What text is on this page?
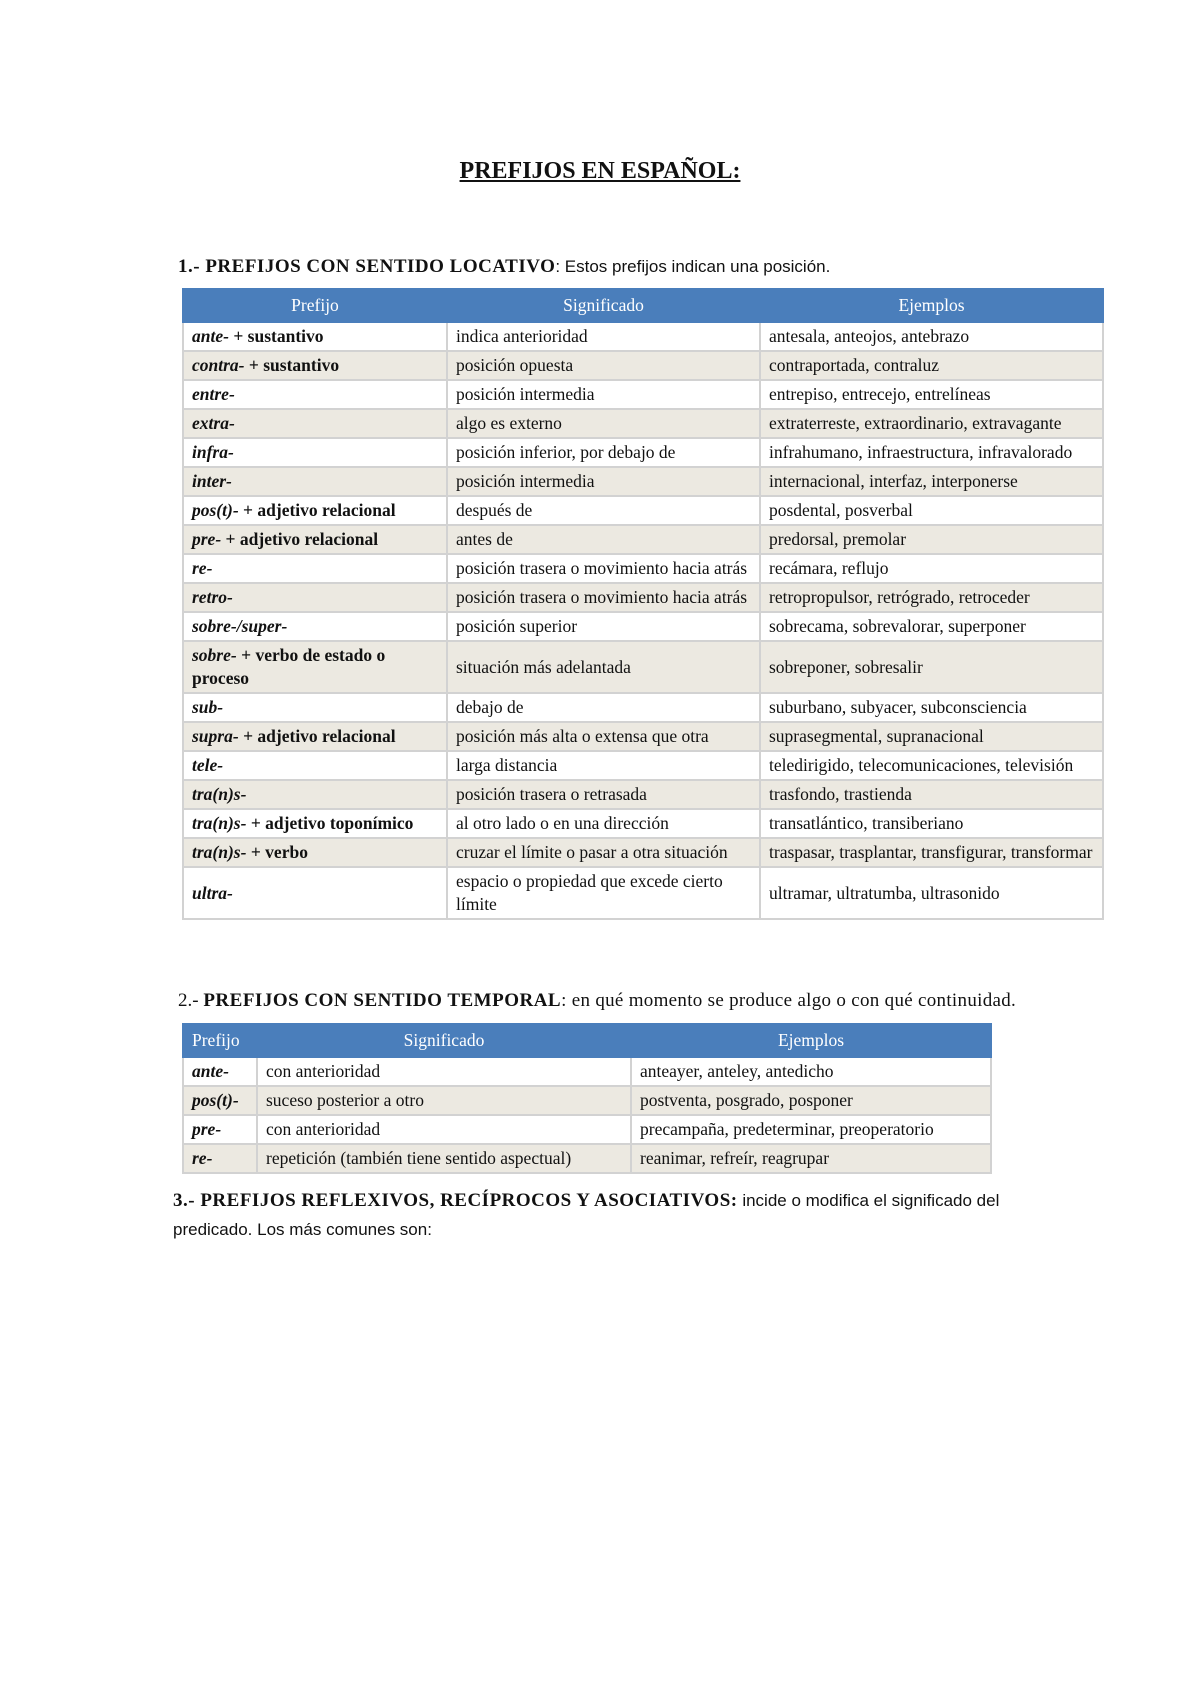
PREFIJOS EN ESPAÑOL:

1.- PREFIJOS CON SENTIDO LOCATIVO: Estos prefijos indican una posición.

Prefijo	Significado	Ejemplos
ante- + sustantivo	indica anterioridad	antesala, anteojos, antebrazo
contra- + sustantivo	posición opuesta	contraportada, contraluz
entre-	posición intermedia	entrepiso, entrecejo, entrelíneas
extra-	algo es externo	extraterreste, extraordinario, extravagante
infra-	posición inferior, por debajo de	infrahumano, infraestructura, infravalorado
inter-	posición intermedia	internacional, interfaz, interponerse
pos(t)- + adjetivo relacional	después de	posdental, posverbal
pre- + adjetivo relacional	antes de	predorsal, premolar
re-	posición trasera o movimiento hacia atrás	recámara, reflujo
retro-	posición trasera o movimiento hacia atrás	retropropulsor, retrógrado, retroceder
sobre-/super-	posición superior	sobrecama, sobrevalorar, superponer
sobre- + verbo de estado o proceso	situación más adelantada	sobreponer, sobresalir
sub-	debajo de	suburbano, subyacer, subconsciencia
supra- + adjetivo relacional	posición más alta o extensa que otra	suprasegmental, supranacional
tele-	larga distancia	teledirigido, telecomunicaciones, televisión
tra(n)s-	posición trasera o retrasada	trasfondo, trastienda
tra(n)s- + adjetivo toponímico	al otro lado o en una dirección	transatlántico, transiberiano
tra(n)s- + verbo	cruzar el límite o pasar a otra situación	traspasar, trasplantar, transfigurar, transformar
ultra-	espacio o propiedad que excede cierto límite	ultramar, ultratumba, ultrasonido

2.- PREFIJOS CON SENTIDO TEMPORAL: en qué momento se produce algo o con qué continuidad.

Prefijo	Significado	Ejemplos
ante-	con anterioridad	anteayer, anteley, antedicho
pos(t)-	suceso posterior a otro	postventa, posgrado, posponer
pre-	con anterioridad	precampaña, predeterminar, preoperatorio
re-	repetición (también tiene sentido aspectual)	reanimar, refreír, reagrupar

3.- PREFIJOS REFLEXIVOS, RECÍPROCOS Y ASOCIATIVOS: incide o modifica el significado del predicado. Los más comunes son:
